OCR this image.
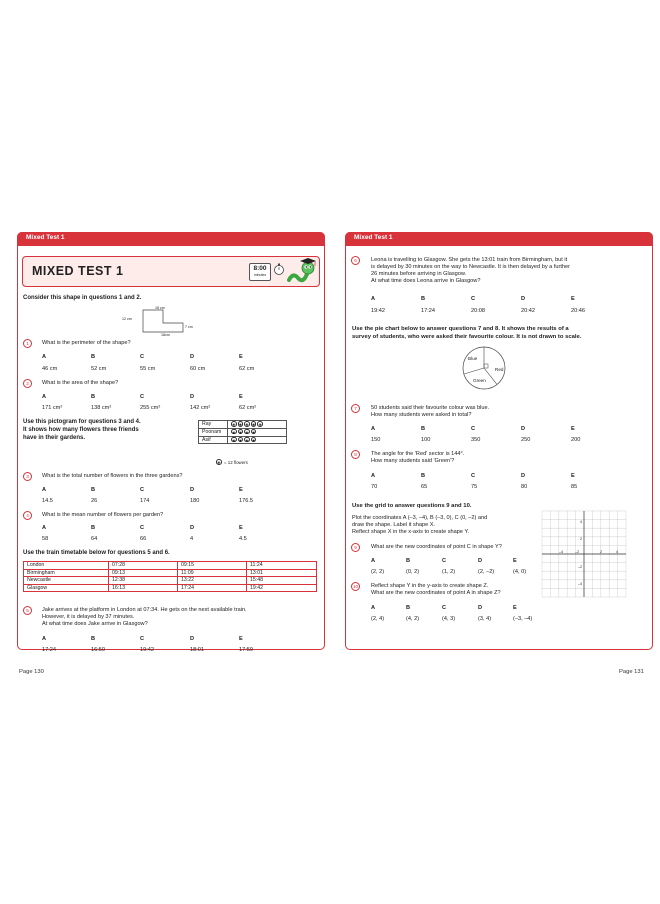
Mixed Test 1
MIXED TEST 1	8:00
minutes
Consider this shape in questions 1 and 2.
18 cm
12 cm
7 cm
18cm
1	What is the perimeter of the shape?
A	B	C	D	E
46 cm	52 cm	55 cm	60 cm	62 cm
2	What is the area of the shape?
A	B	C	D	E
171 cm²	138 cm²	255 cm²	142 cm²	62 cm²
Use this pictogram for questions 3 and 4.
It shows how many flowers three friends
have in their gardens.
Ray	❀ ❀ ❀ ❀ ❀
Poonam	❀ ❀ ❀ ❀
Asif	❀ ❀ ❀ ❀
❀ = 12 flowers
3	What is the total number of flowers in the three gardens?
A	B	C	D	E
14.5	26	174	180	176.5
4	What is the mean number of flowers per garden?
A	B	C	D	E
58	64	66	4	4.5
Use the train timetable below for questions 5 and 6.
London	07:28	09:15	11:24
Birmingham	09:13	11:09	13:01
Newcastle	12:38	13:22	15:48
Glasgow	16:13	17:24	19:42
5	Jake arrives at the platform in London at 07:34. He gets on the next available train.
However, it is delayed by 37 minutes.
At what time does Jake arrive in Glasgow?
A	B	C	D	E
17:24	16:50	19:42	18:01	17:59
Page 130
Mixed Test 1
6	Leona is travelling to Glasgow. She gets the 13:01 train from Birmingham, but it
is delayed by 30 minutes on the way to Newcastle. It is then delayed by a further
26 minutes before arriving in Glasgow.
At what time does Leona arrive in Glasgow?
A	B	C	D	E
19:42	17:24	20:08	20:42	20:46
Use the pie chart below to answer questions 7 and 8. It shows the results of a
survey of students, who were asked their favourite colour. It is not drawn to scale.
Blue
Red
Green
7	50 students said their favourite colour was blue.
How many students were asked in total?
A	B	C	D	E
150	100	350	250	200
8	The angle for the 'Red' sector is 144°.
How many students said 'Green'?
A	B	C	D	E
70	65	75	80	85
Use the grid to answer questions 9 and 10.
Plot the coordinates A (–3, –4), B (–3, 0), C (0, –2) and
draw the shape. Label it shape X.
Reflect shape X in the x-axis to create shape Y.
–4	–2	2	4
4
2
–2
–4
9	What are the new coordinates of point C in shape Y?
A	B	C	D	E
(2, 2)	(0, 2)	(1, 2)	(2, –2)	(4, 0)
10	Reflect shape Y in the y-axis to create shape Z.
What are the new coordinates of point A in shape Z?
A	B	C	D	E
(2, 4)	(4, 2)	(4, 3)	(3, 4)	(–3, –4)
Page 131
